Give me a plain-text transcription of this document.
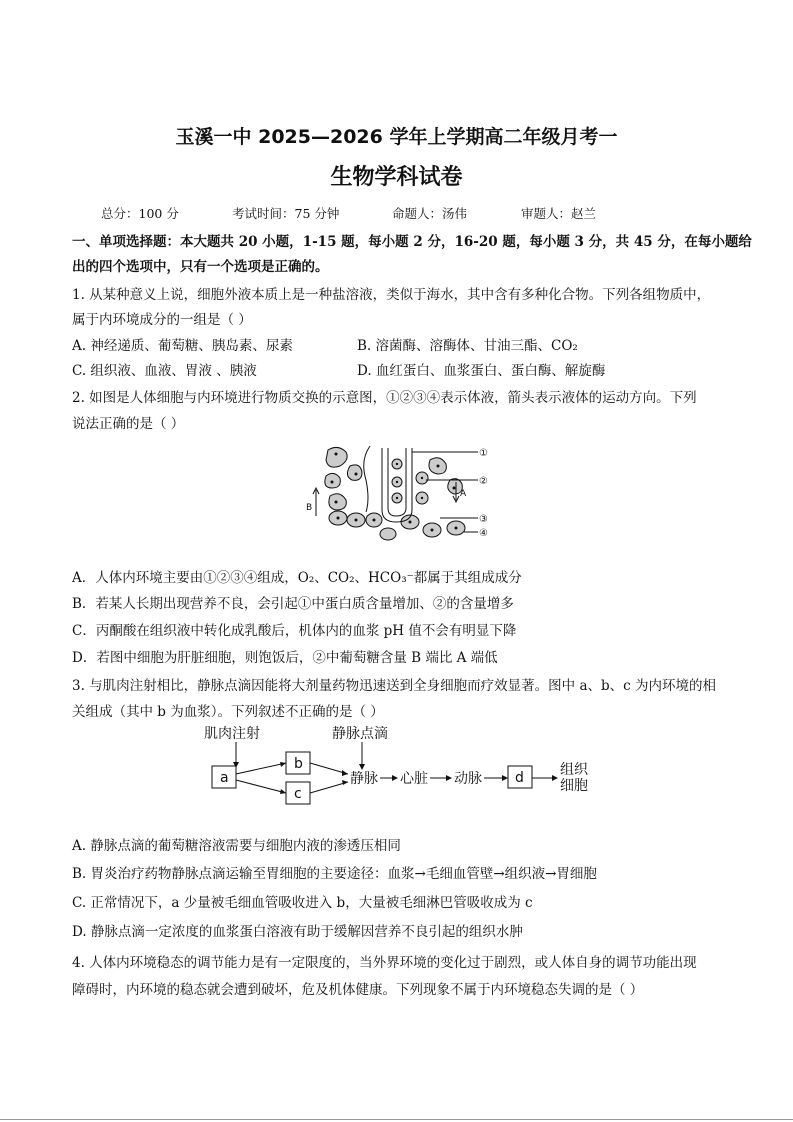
玉溪一中 2025—2026 学年上学期高二年级月考一
生物学科试卷
总分：100 分	考试时间：75 分钟	命题人：汤伟	审题人：赵兰
一、单项选择题：本大题共 20 小题，1-15 题，每小题 2 分，16-20 题，每小题 3 分，共 45 分，在每小题给
出的四个选项中，只有一个选项是正确的。
1. 从某种意义上说，细胞外液本质上是一种盐溶液，类似于海水，其中含有多种化合物。下列各组物质中，
属于内环境成分的一组是（ ）
A. 神经递质、葡萄糖、胰岛素、尿素	B. 溶菌酶、溶酶体、甘油三酯、CO₂
C. 组织液、血液、胃液 、胰液	D. 血红蛋白、血浆蛋白、蛋白酶、解旋酶
2. 如图是人体细胞与内环境进行物质交换的示意图，①②③④表示体液，箭头表示液体的运动方向。下列
说法正确的是（ ）
①
②
③
④
A
B
A．人体内环境主要由①②③④组成，O₂、CO₂、HCO₃⁻都属于其组成成分
B．若某人长期出现营养不良，会引起①中蛋白质含量增加、②的含量增多
C．丙酮酸在组织液中转化成乳酸后，机体内的血浆 pH 值不会有明显下降
D．若图中细胞为肝脏细胞，则饱饭后，②中葡萄糖含量 B 端比 A 端低
3. 与肌肉注射相比，静脉点滴因能将大剂量药物迅速送到全身细胞而疗效显著。图中 a、b、c 为内环境的相
关组成（其中 b 为血浆）。下列叙述不正确的是（ ）
肌肉注射	静脉点滴
a
b
c
d
静脉 心脏 动脉
组织
细胞
A. 静脉点滴的葡萄糖溶液需要与细胞内液的渗透压相同
B. 胃炎治疗药物静脉点滴运输至胃细胞的主要途径：血浆→毛细血管壁→组织液→胃细胞
C. 正常情况下，a 少量被毛细血管吸收进入 b，大量被毛细淋巴管吸收成为 c
D. 静脉点滴一定浓度的血浆蛋白溶液有助于缓解因营养不良引起的组织水肿
4. 人体内环境稳态的调节能力是有一定限度的，当外界环境的变化过于剧烈，或人体自身的调节功能出现
障碍时，内环境的稳态就会遭到破坏，危及机体健康。下列现象不属于内环境稳态失调的是（ ）
